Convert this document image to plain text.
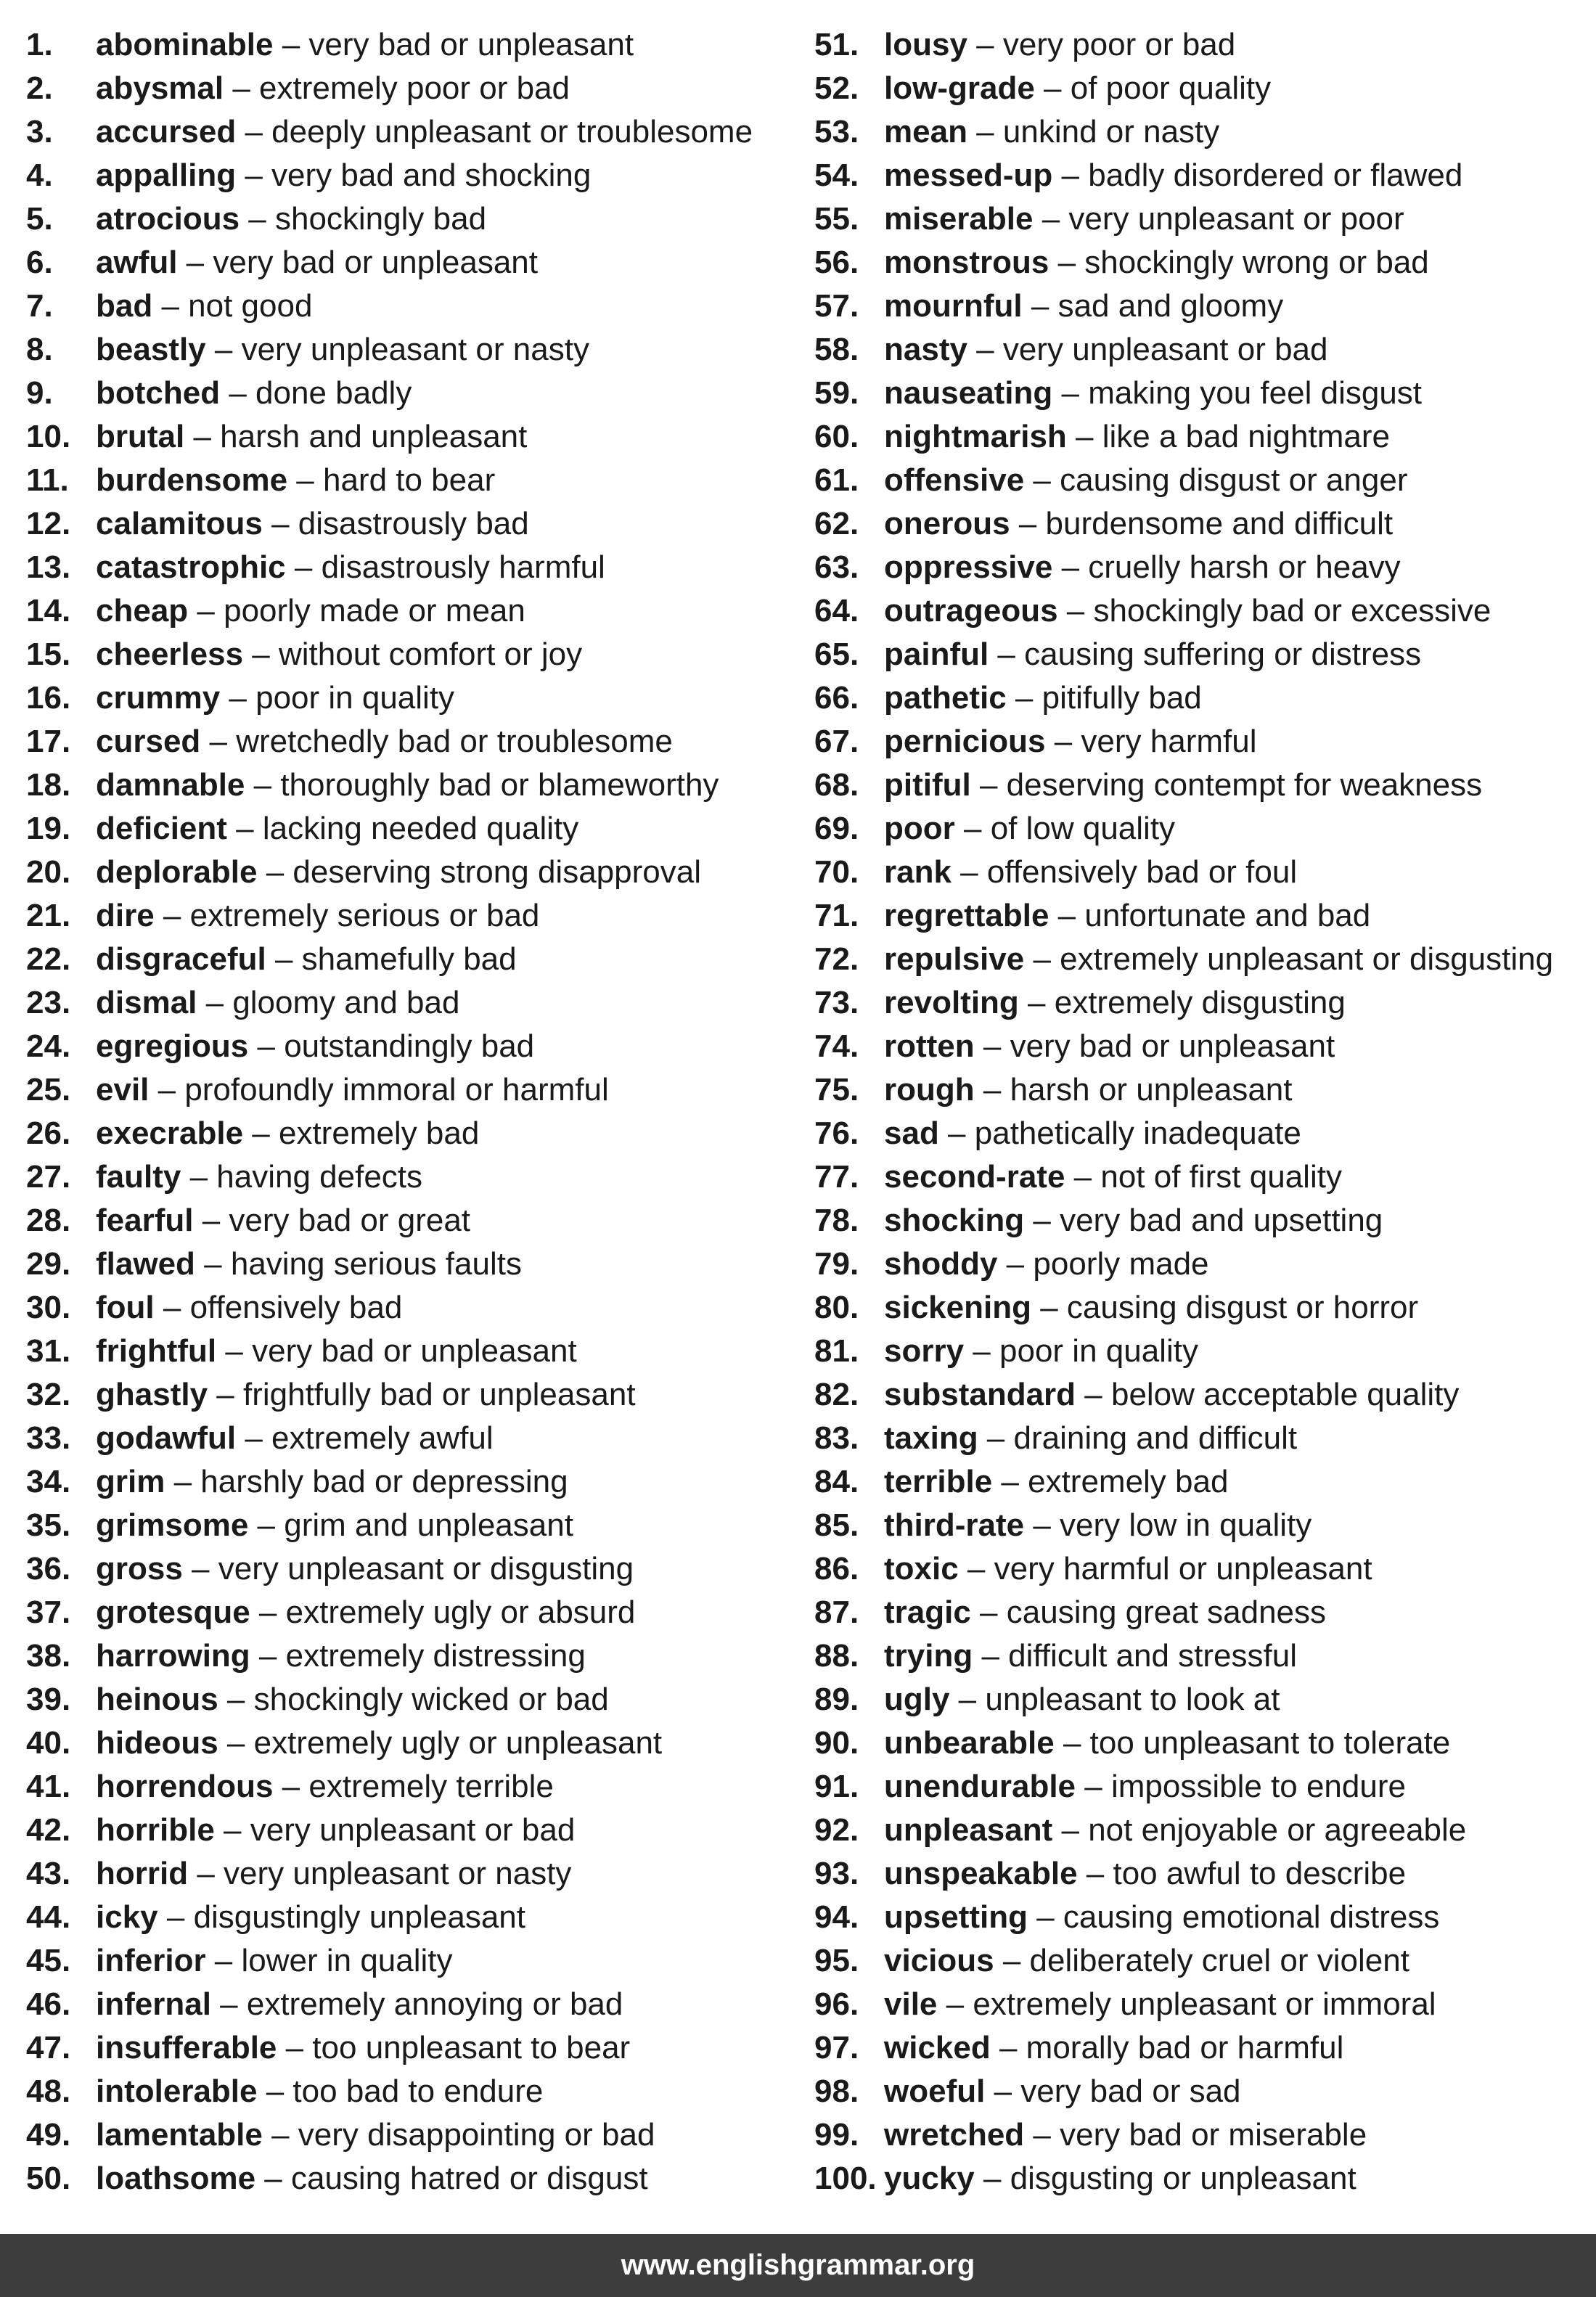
1.	abominable – very bad or unpleasant
2.	abysmal – extremely poor or bad
3.	accursed – deeply unpleasant or troublesome
4.	appalling – very bad and shocking
5.	atrocious – shockingly bad
6.	awful – very bad or unpleasant
7.	bad – not good
8.	beastly – very unpleasant or nasty
9.	botched – done badly
10. brutal – harsh and unpleasant
11. burdensome – hard to bear
12. calamitous – disastrously bad
13. catastrophic – disastrously harmful
14. cheap – poorly made or mean
15. cheerless – without comfort or joy
16. crummy – poor in quality
17. cursed – wretchedly bad or troublesome
18. damnable – thoroughly bad or blameworthy
19. deficient – lacking needed quality
20. deplorable – deserving strong disapproval
21. dire – extremely serious or bad
22. disgraceful – shamefully bad
23. dismal – gloomy and bad
24. egregious – outstandingly bad
25. evil – profoundly immoral or harmful
26. execrable – extremely bad
27. faulty – having defects
28. fearful – very bad or great
29. flawed – having serious faults
30. foul – offensively bad
31. frightful – very bad or unpleasant
32. ghastly – frightfully bad or unpleasant
33. godawful – extremely awful
34. grim – harshly bad or depressing
35. grimsome – grim and unpleasant
36. gross – very unpleasant or disgusting
37. grotesque – extremely ugly or absurd
38. harrowing – extremely distressing
39. heinous – shockingly wicked or bad
40. hideous – extremely ugly or unpleasant
41. horrendous – extremely terrible
42. horrible – very unpleasant or bad
43. horrid – very unpleasant or nasty
44. icky – disgustingly unpleasant
45. inferior – lower in quality
46. infernal – extremely annoying or bad
47. insufferable – too unpleasant to bear
48. intolerable – too bad to endure
49. lamentable – very disappointing or bad
50. loathsome – causing hatred or disgust
51. lousy – very poor or bad
52. low-grade – of poor quality
53. mean – unkind or nasty
54. messed-up – badly disordered or flawed
55. miserable – very unpleasant or poor
56. monstrous – shockingly wrong or bad
57. mournful – sad and gloomy
58. nasty – very unpleasant or bad
59. nauseating – making you feel disgust
60. nightmarish – like a bad nightmare
61. offensive – causing disgust or anger
62. onerous – burdensome and difficult
63. oppressive – cruelly harsh or heavy
64. outrageous – shockingly bad or excessive
65. painful – causing suffering or distress
66. pathetic – pitifully bad
67. pernicious – very harmful
68. pitiful – deserving contempt for weakness
69. poor – of low quality
70. rank – offensively bad or foul
71. regrettable – unfortunate and bad
72. repulsive – extremely unpleasant or disgusting
73. revolting – extremely disgusting
74. rotten – very bad or unpleasant
75. rough – harsh or unpleasant
76. sad – pathetically inadequate
77. second-rate – not of first quality
78. shocking – very bad and upsetting
79. shoddy – poorly made
80. sickening – causing disgust or horror
81. sorry – poor in quality
82. substandard – below acceptable quality
83. taxing – draining and difficult
84. terrible – extremely bad
85. third-rate – very low in quality
86. toxic – very harmful or unpleasant
87. tragic – causing great sadness
88. trying – difficult and stressful
89. ugly – unpleasant to look at
90. unbearable – too unpleasant to tolerate
91. unendurable – impossible to endure
92. unpleasant – not enjoyable or agreeable
93. unspeakable – too awful to describe
94. upsetting – causing emotional distress
95. vicious – deliberately cruel or violent
96. vile – extremely unpleasant or immoral
97. wicked – morally bad or harmful
98. woeful – very bad or sad
99. wretched – very bad or miserable
100. yucky – disgusting or unpleasant
www.englishgrammar.org
